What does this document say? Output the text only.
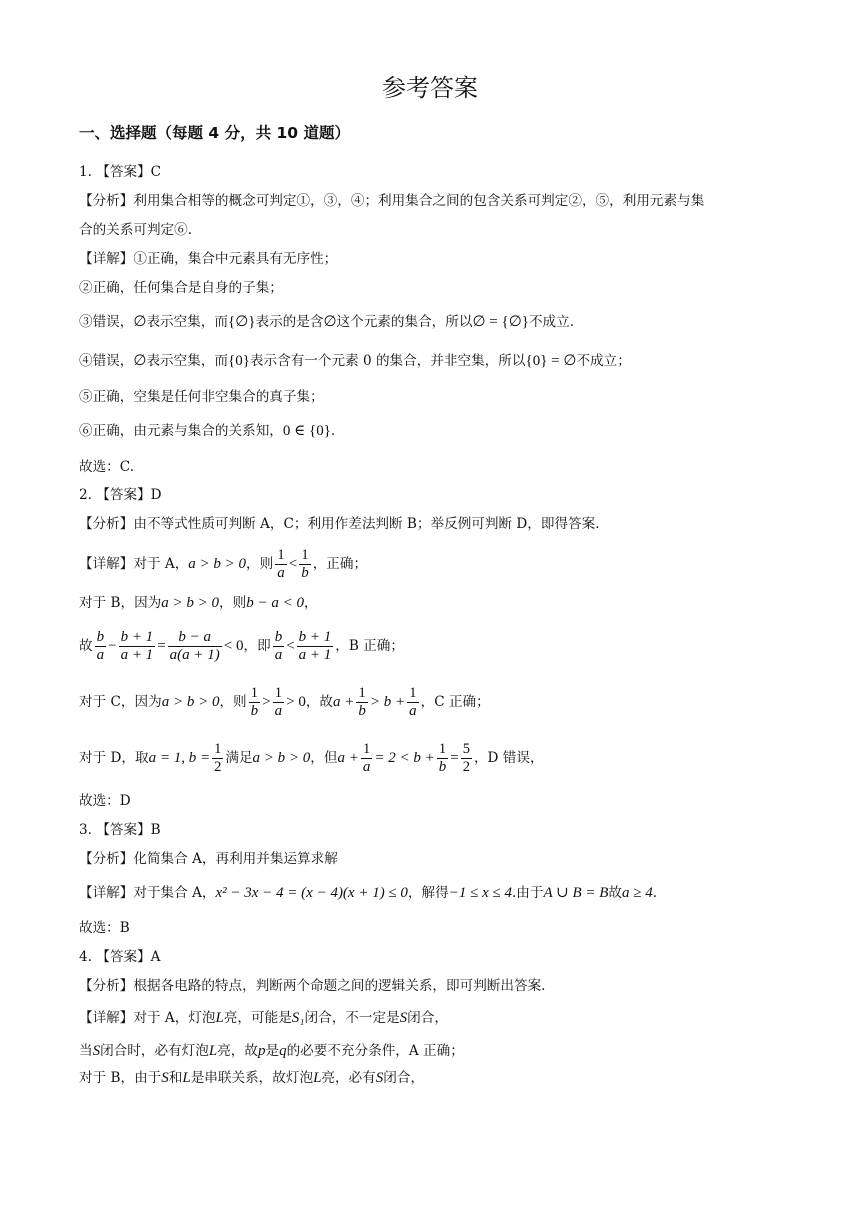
参考答案
一、选择题（每题 4 分，共 10 道题）
1. 【答案】C
【分析】利用集合相等的概念可判定①，③，④；利用集合之间的包含关系可判定②，⑤，利用元素与集
合的关系可判定⑥.
【详解】①正确，集合中元素具有无序性；
②正确，任何集合是自身的子集；
③错误，∅表示空集，而{∅}表示的是含∅这个元素的集合，所以∅ = {∅}不成立.
④错误，∅表示空集，而{0}表示含有一个元素 0 的集合，并非空集，所以{0} = ∅不成立；
⑤正确，空集是任何非空集合的真子集；
⑥正确，由元素与集合的关系知，0 ∈ {0}.
故选：C.
2. 【答案】D
【分析】由不等式性质可判断 A，C；利用作差法判断 B；举反例可判断 D，即得答案.
【详解】对于 A，a > b > 0，则 $\frac{1}{a} < \frac{1}{b}$ ，正确；
对于 B，因为a > b > 0，则b − a < 0，
故 $\frac{b}{a} - \frac{b + 1}{a + 1} = \frac{b - a}{a(a + 1)} < 0$，即 $\frac{b}{a} < \frac{b + 1}{a + 1}$ ，B 正确；
对于 C，因为a > b > 0，则 $\frac{1}{b} > \frac{1}{a} > 0$，故$a + \frac{1}{b} > b + \frac{1}{a}$ ，C 正确；
对于 D，取a = 1, $b = \frac{1}{2}$ 满足a > b > 0，但$a + \frac{1}{a} = 2 < b + \frac{1}{b} = \frac{5}{2}$ ，D 错误，
故选：D
3. 【答案】B
【分析】化简集合 A，再利用并集运算求解
【详解】对于集合 A，x² − 3x − 4 = (x − 4)(x + 1) ≤ 0，解得−1 ≤ x ≤ 4.由于A ∪ B = B故a ≥ 4.
故选：B
4. 【答案】A
【分析】根据各电路的特点，判断两个命题之间的逻辑关系，即可判断出答案.
【详解】对于 A，灯泡L亮，可能是S₁闭合，不一定是S闭合，
当S闭合时，必有灯泡L亮，故p是q的必要不充分条件，A 正确；
对于 B，由于S和L是串联关系，故灯泡L亮，必有S闭合，
